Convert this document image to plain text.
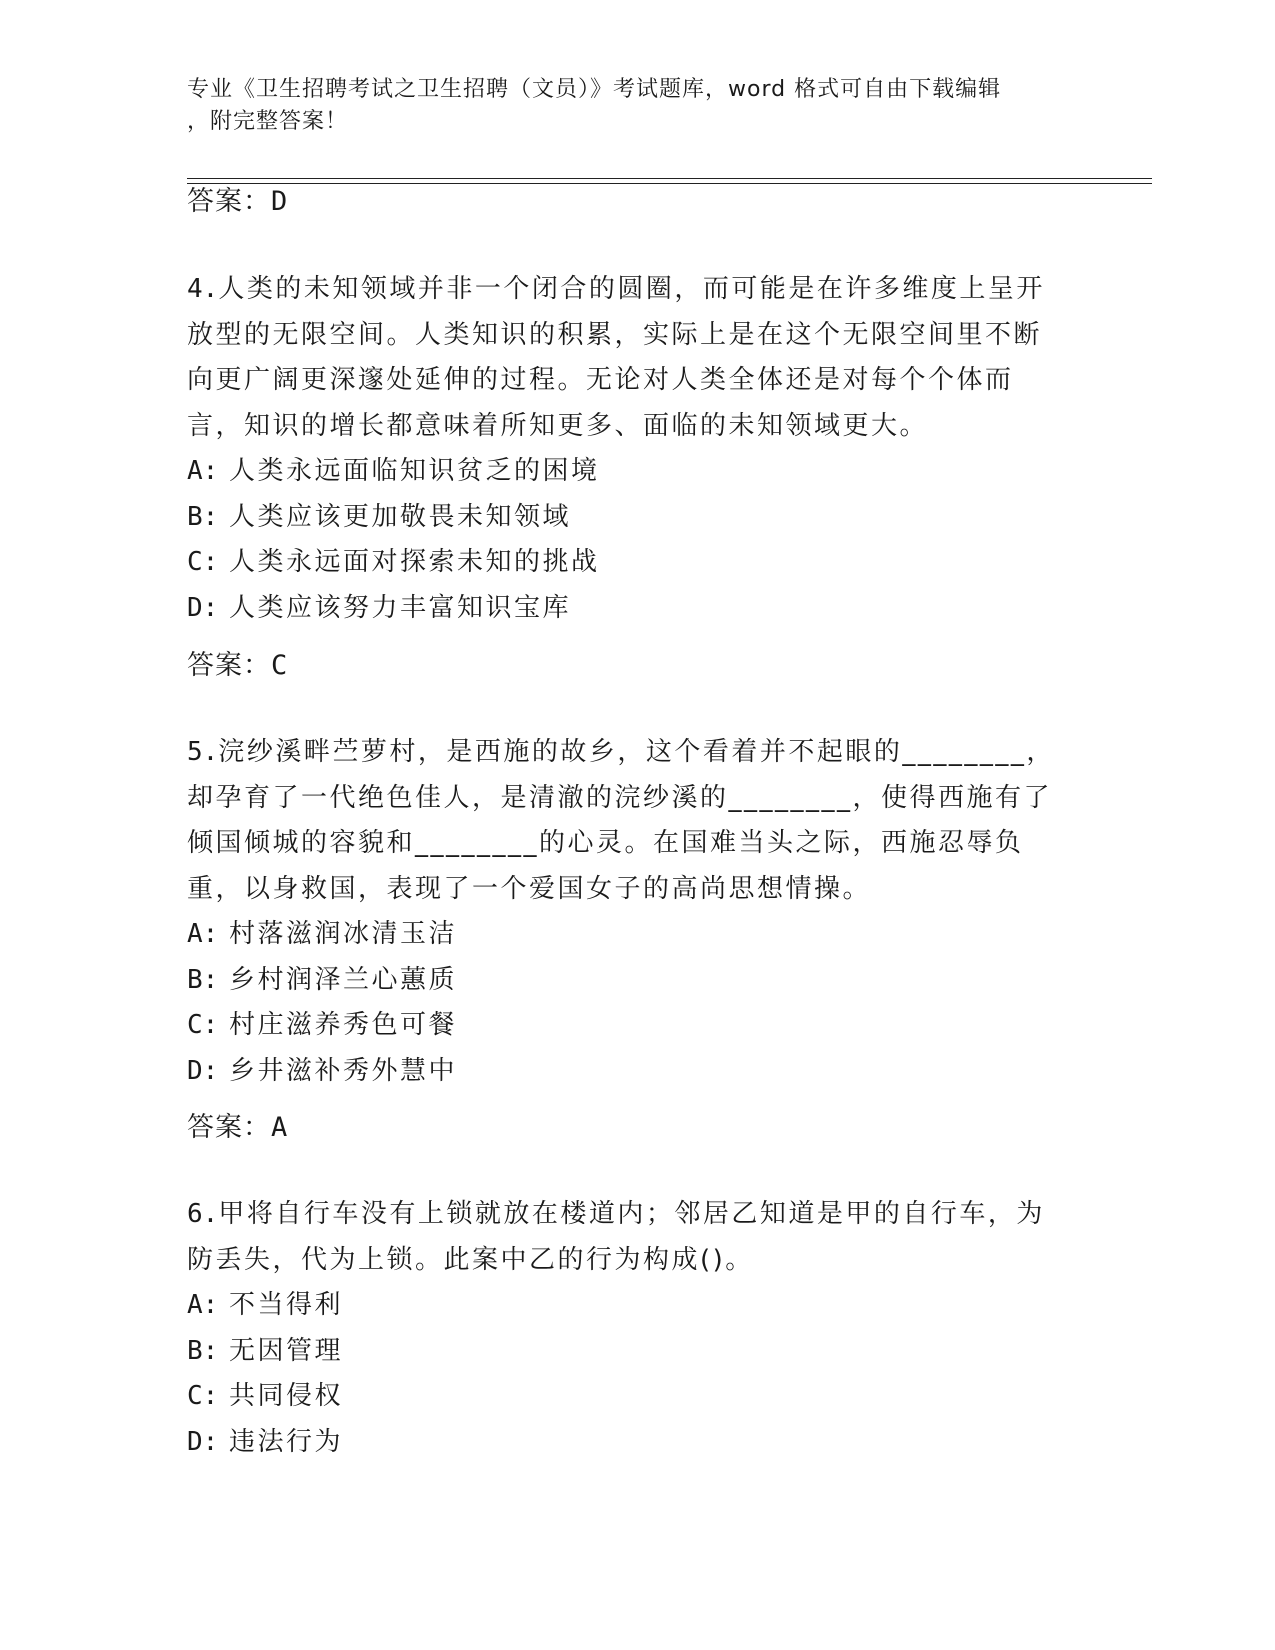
专业《卫生招聘考试之卫生招聘（文员）》考试题库，word 格式可自由下载编辑
，附完整答案！
答案：D
4.人类的未知领域并非一个闭合的圆圈，而可能是在许多维度上呈开放型的无限空间。人类知识的积累，实际上是在这个无限空间里不断向更广阔更深邃处延伸的过程。无论对人类全体还是对每个个体而言，知识的增长都意味着所知更多、面临的未知领域更大。
A: 人类永远面临知识贫乏的困境
B: 人类应该更加敬畏未知领域
C: 人类永远面对探索未知的挑战
D: 人类应该努力丰富知识宝库
答案：C
5.浣纱溪畔苎萝村，是西施的故乡，这个看着并不起眼的________，却孕育了一代绝色佳人，是清澈的浣纱溪的________，使得西施有了倾国倾城的容貌和________的心灵。在国难当头之际，西施忍辱负重，以身救国，表现了一个爱国女子的高尚思想情操。
A: 村落滋润冰清玉洁
B: 乡村润泽兰心蕙质
C: 村庄滋养秀色可餐
D: 乡井滋补秀外慧中
答案：A
6.甲将自行车没有上锁就放在楼道内；邻居乙知道是甲的自行车，为防丢失，代为上锁。此案中乙的行为构成()。
A: 不当得利
B: 无因管理
C: 共同侵权
D: 违法行为
